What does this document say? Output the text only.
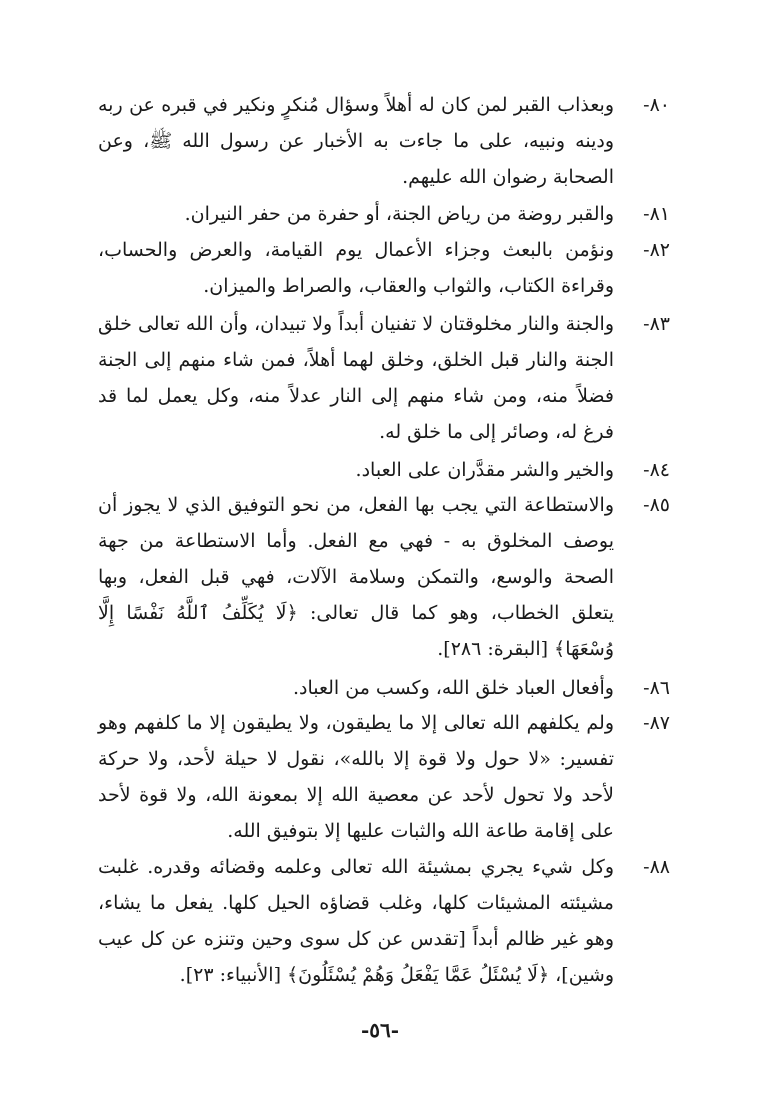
٨٠-
وبعذاب القبر لمن كان له أهلاً وسؤال مُنكرٍ ونكير في قبره عن ربه ودينه ونبيه، على ما جاءت به الأخبار عن رسول الله ﷺ، وعن الصحابة رضوان الله عليهم.
٨١-
والقبر روضة من رياض الجنة، أو حفرة من حفر النيران.
٨٢-
ونؤمن بالبعث وجزاء الأعمال يوم القيامة، والعرض والحساب، وقراءة الكتاب، والثواب والعقاب، والصراط والميزان.
٨٣-
والجنة والنار مخلوقتان لا تفنيان أبداً ولا تبيدان، وأن الله تعالى خلق الجنة والنار قبل الخلق، وخلق لهما أهلاً، فمن شاء منهم إلى الجنة فضلاً منه، ومن شاء منهم إلى النار عدلاً منه، وكل يعمل لما قد فرغ له، وصائر إلى ما خلق له.
٨٤-
والخير والشر مقدَّران على العباد.
٨٥-
والاستطاعة التي يجب بها الفعل، من نحو التوفيق الذي لا يجوز أن يوصف المخلوق به - فهي مع الفعل. وأما الاستطاعة من جهة الصحة والوسع، والتمكن وسلامة الآلات، فهي قبل الفعل، وبها يتعلق الخطاب، وهو كما قال تعالى: ﴿لَا يُكَلِّفُ ٱللَّهُ نَفْسًا إِلَّا وُسْعَهَا﴾ [البقرة: ٢٨٦].
٨٦-
وأفعال العباد خلق الله، وكسب من العباد.
٨٧-
ولم يكلفهم الله تعالى إلا ما يطيقون، ولا يطيقون إلا ما كلفهم وهو تفسير: «لا حول ولا قوة إلا بالله»، نقول لا حيلة لأحد، ولا حركة لأحد ولا تحول لأحد عن معصية الله إلا بمعونة الله، ولا قوة لأحد على إقامة طاعة الله والثبات عليها إلا بتوفيق الله.
٨٨-
وكل شيء يجري بمشيئة الله تعالى وعلمه وقضائه وقدره. غلبت مشيئته المشيئات كلها، وغلب قضاؤه الحيل كلها. يفعل ما يشاء، وهو غير ظالم أبداً [تقدس عن كل سوى وحين وتنزه عن كل عيب وشين]، ﴿لَا يُسْئَلُ عَمَّا يَفْعَلُ وَهُمْ يُسْئَلُونَ﴾ [الأنبياء: ٢٣].
-٥٦-
